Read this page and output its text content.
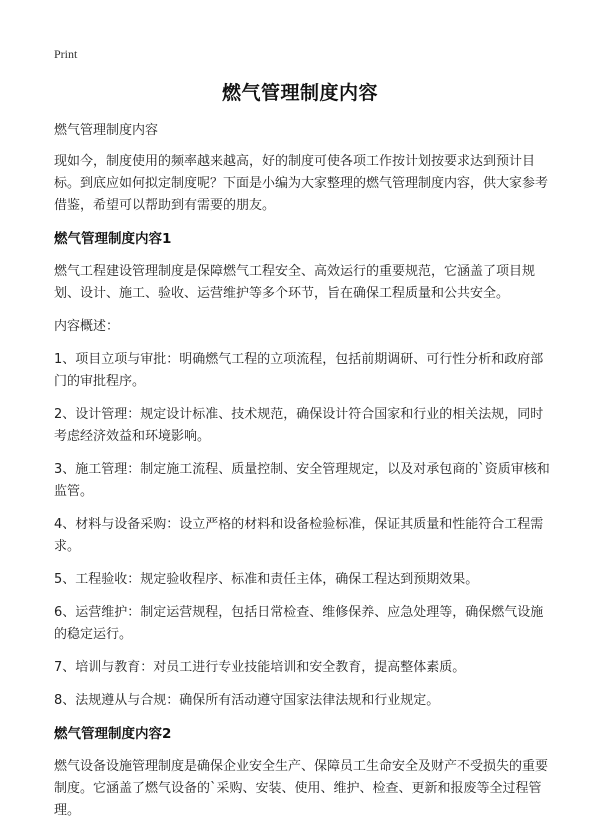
Print
燃气管理制度内容
燃气管理制度内容
现如今，制度使用的频率越来越高，好的制度可使各项工作按计划按要求达到预计目标。到底应如何拟定制度呢？下面是小编为大家整理的燃气管理制度内容，供大家参考借鉴，希望可以帮助到有需要的朋友。
燃气管理制度内容1
燃气工程建设管理制度是保障燃气工程安全、高效运行的重要规范，它涵盖了项目规划、设计、施工、验收、运营维护等多个环节，旨在确保工程质量和公共安全。
内容概述：
1、项目立项与审批：明确燃气工程的立项流程，包括前期调研、可行性分析和政府部门的审批程序。
2、设计管理：规定设计标准、技术规范，确保设计符合国家和行业的相关法规，同时考虑经济效益和环境影响。
3、施工管理：制定施工流程、质量控制、安全管理规定，以及对承包商的`资质审核和监管。
4、材料与设备采购：设立严格的材料和设备检验标准，保证其质量和性能符合工程需求。
5、工程验收：规定验收程序、标准和责任主体，确保工程达到预期效果。
6、运营维护：制定运营规程，包括日常检查、维修保养、应急处理等，确保燃气设施的稳定运行。
7、培训与教育：对员工进行专业技能培训和安全教育，提高整体素质。
8、法规遵从与合规：确保所有活动遵守国家法律法规和行业规定。
燃气管理制度内容2
燃气设备设施管理制度是确保企业安全生产、保障员工生命安全及财产不受损失的重要制度。它涵盖了燃气设备的`采购、安装、使用、维护、检查、更新和报废等全过程管理。
